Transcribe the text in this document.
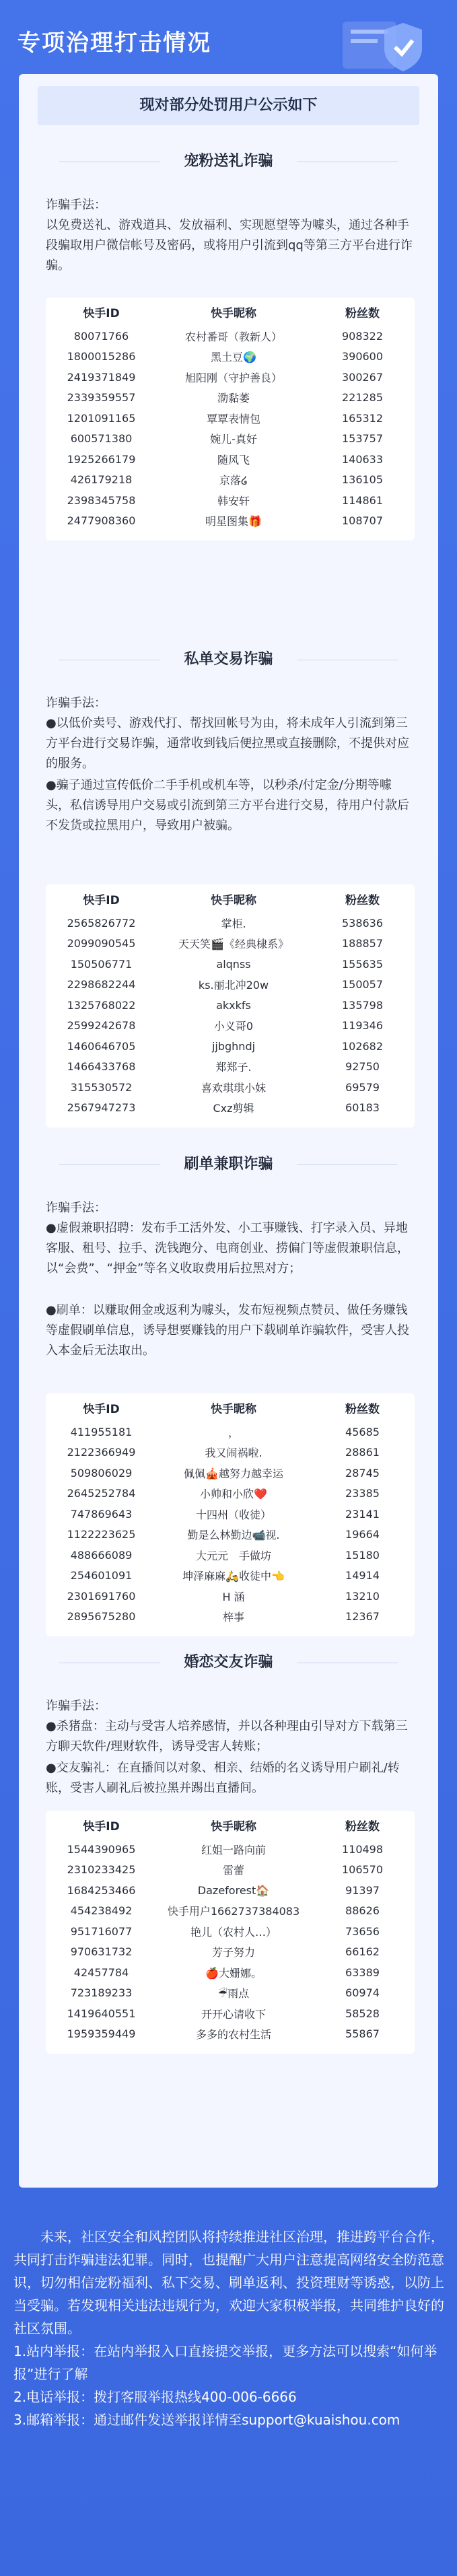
专项治理打击情况
现对部分处罚用户公示如下
宠粉送礼诈骗
诈骗手法：
以免费送礼、游戏道具、发放福利、实现愿望等为噱头，通过各种手段骗取用户微信帐号及密码，或将用户引流到qq等第三方平台进行诈骗。
快手ID	快手昵称	粉丝数
80071766	农村番哥（教新人）	908322
1800015286	黑土豆🌍	390600
2419371849	旭阳刚（守护善良）	300267
2339359557	泐黏萎	221285
1201091165	覃覃表情包	165312
600571380	婉儿-真好	153757
1925266179	随风飞	140633
426179218	京落໒	136105
2398345758	韩安轩	114861
2477908360	明星图集🎁	108707
私单交易诈骗
诈骗手法：
●以低价卖号、游戏代打、帮找回帐号为由，将未成年人引流到第三方平台进行交易诈骗，通常收到钱后便拉黑或直接删除，不提供对应的服务。
●骗子通过宣传低价二手手机或机车等，以秒杀/付定金/分期等噱头，私信诱导用户交易或引流到第三方平台进行交易，待用户付款后不发货或拉黑用户，导致用户被骗。
快手ID	快手昵称	粉丝数
2565826772	掌柜.	538636
2099090545	天天笑🎬《经典棣系》	188857
150506771	alqnss	155635
2298682244	ks.丽北冲20w	150057
1325768022	akxkfs	135798
2599242678	小义哥0	119346
1460646705	jjbghndj	102682
1466433768	郑郑子.	92750
315530572	喜欢琪琪小妹	69579
2567947273	Cxz剪辑	60183
刷单兼职诈骗
诈骗手法：
●虚假兼职招聘：发布手工活外发、小工事赚钱、打字录入员、异地客服、租号、拉手、洗钱跑分、电商创业、捞偏门等虚假兼职信息，以“会费”、“押金”等名义收取费用后拉黑对方；
●刷单：以赚取佣金或返利为噱头，发布短视频点赞员、做任务赚钱等虚假刷单信息，诱导想要赚钱的用户下载刷单诈骗软件，受害人投入本金后无法取出。
快手ID	快手昵称	粉丝数
411955181	，	45685
2122366949	我又闹祸啦.	28861
509806029	佩佩🎪越努力越幸运	28745
2645252784	小帅和小欣❤️	23385
747869643	十四州（收徒）	23141
1122223625	勤是么林勤边📹视.	19664
488666089	大元元　手做坊	15180
254601091	坤泽麻麻🛵收徒中👈	14914
2301691760	H 涵	13210
2895675280	梓事	12367
婚恋交友诈骗
诈骗手法：
●杀猪盘：主动与受害人培养感情，并以各种理由引导对方下载第三方聊天软件/理财软件，诱导受害人转账；
●交友骗礼：在直播间以对象、相亲、结婚的名义诱导用户刷礼/转账，受害人刷礼后被拉黑并踢出直播间。
快手ID	快手昵称	粉丝数
1544390965	红姐一路向前	110498
2310233425	雷蕾	106570
1684253466	Dazeforest🏠	91397
454238492	快手用户1662737384083	88626
951716077	艳儿（农村人…）	73656
970631732	芳子努力	66162
42457784	🍎大姗娜。	63389
723189233	☔雨点	60974
1419640551	开开心请收下	58528
1959359449	多多的农村生活	55867

未来，社区安全和风控团队将持续推进社区治理，推进跨平台合作，共同打击诈骗违法犯罪。同时，也提醒广大用户注意提高网络安全防范意识，切勿相信宠粉福利、私下交易、刷单返利、投资理财等诱惑，以防上当受骗。若发现相关违法违规行为，欢迎大家积极举报，共同维护良好的社区氛围。

1.站内举报：在站内举报入口直接提交举报，更多方法可以搜索“如何举报”进行了解

2.电话举报：拨打客服举报热线400-006-6666

3.邮箱举报：通过邮件发送举报详情至support@kuaishou.com
